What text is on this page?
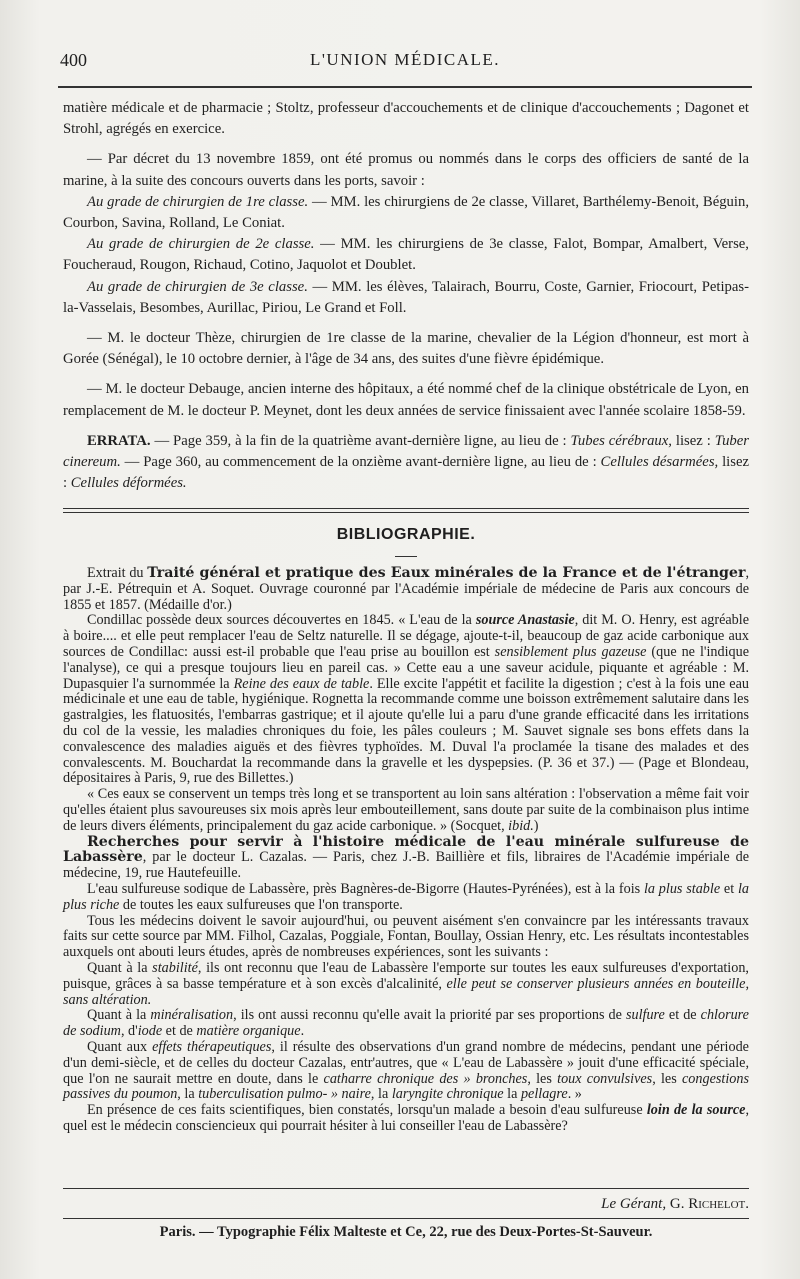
400	L'UNION MÉDICALE.

matière médicale et de pharmacie ; Stoltz, professeur d'accouchements et de clinique d'accouchements ; Dagonet et Strohl, agrégés en exercice.

— Par décret du 13 novembre 1859, ont été promus ou nommés dans le corps des officiers de santé de la marine, à la suite des concours ouverts dans les ports, savoir :

Au grade de chirurgien de 1re classe. — MM. les chirurgiens de 2e classe, Villaret, Barthélemy-Benoit, Béguin, Courbon, Savina, Rolland, Le Coniat.

Au grade de chirurgien de 2e classe. — MM. les chirurgiens de 3e classe, Falot, Bompar, Amalbert, Verse, Foucheraud, Rougon, Richaud, Cotino, Jaquolot et Doublet.

Au grade de chirurgien de 3e classe. — MM. les élèves, Talairach, Bourru, Coste, Garnier, Friocourt, Petipas-la-Vasselais, Besombes, Aurillac, Piriou, Le Grand et Foll.

— M. le docteur Thèze, chirurgien de 1re classe de la marine, chevalier de la Légion d'honneur, est mort à Gorée (Sénégal), le 10 octobre dernier, à l'âge de 34 ans, des suites d'une fièvre épidémique.

— M. le docteur Debauge, ancien interne des hôpitaux, a été nommé chef de la clinique obstétricale de Lyon, en remplacement de M. le docteur P. Meynet, dont les deux années de service finissaient avec l'année scolaire 1858-59.

ERRATA. — Page 359, à la fin de la quatrième avant-dernière ligne, au lieu de : Tubes cérébraux, lisez : Tuber cinereum. — Page 360, au commencement de la onzième avant-dernière ligne, au lieu de : Cellules désarmées, lisez : Cellules déformées.

BIBLIOGRAPHIE.

Extrait du Traité général et pratique des Eaux minérales de la France et de l'étranger, par J.-E. Pétrequin et A. Soquet. Ouvrage couronné par l'Académie impériale de médecine de Paris aux concours de 1855 et 1857. (Médaille d'or.)

Condillac possède deux sources découvertes en 1845. « L'eau de la source Anastasie, dit M. O. Henry, est agréable à boire.... et elle peut remplacer l'eau de Seltz naturelle. Il se dégage, ajoute-t-il, beaucoup de gaz acide carbonique aux sources de Condillac: aussi est-il probable que l'eau prise au bouillon est sensiblement plus gazeuse (que ne l'indique l'analyse), ce qui a presque toujours lieu en pareil cas. » Cette eau a une saveur acidule, piquante et agréable : M. Dupasquier l'a surnommée la Reine des eaux de table. Elle excite l'appétit et facilite la digestion ; c'est à la fois une eau médicinale et une eau de table, hygiénique. Rognetta la recommande comme une boisson extrêmement salutaire dans les gastralgies, les flatuosités, l'embarras gastrique; et il ajoute qu'elle lui a paru d'une grande efficacité dans les irritations du col de la vessie, les maladies chroniques du foie, les pâles couleurs ; M. Sauvet signale ses bons effets dans la convalescence des maladies aiguës et des fièvres typhoïdes. M. Duval l'a proclamée la tisane des malades et des convalescents. M. Bouchardat la recommande dans la gravelle et les dyspepsies. (P. 36 et 37.) — (Page et Blondeau, dépositaires à Paris, 9, rue des Billettes.)

« Ces eaux se conservent un temps très long et se transportent au loin sans altération : l'observation a même fait voir qu'elles étaient plus savoureuses six mois après leur embouteillement, sans doute par suite de la combinaison plus intime de leurs divers éléments, principalement du gaz acide carbonique. » (Socquet, ibid.)

Recherches pour servir à l'histoire médicale de l'eau minérale sulfureuse de Labassère, par le docteur L. Cazalas. — Paris, chez J.-B. Baillière et fils, libraires de l'Académie impériale de médecine, 19, rue Hautefeuille.

L'eau sulfureuse sodique de Labassère, près Bagnères-de-Bigorre (Hautes-Pyrénées), est à la fois la plus stable et la plus riche de toutes les eaux sulfureuses que l'on transporte.

Tous les médecins doivent le savoir aujourd'hui, ou peuvent aisément s'en convaincre par les intéressants travaux faits sur cette source par MM. Filhol, Cazalas, Poggiale, Fontan, Boullay, Ossian Henry, etc. Les résultats incontestables auxquels ont abouti leurs études, après de nombreuses expériences, sont les suivants :

Quant à la stabilité, ils ont reconnu que l'eau de Labassère l'emporte sur toutes les eaux sulfureuses d'exportation, puisque, grâces à sa basse température et à son excès d'alcalinité, elle peut se conserver plusieurs années en bouteille, sans altération.

Quant à la minéralisation, ils ont aussi reconnu qu'elle avait la priorité par ses proportions de sulfure et de chlorure de sodium, d'iode et de matière organique.

Quant aux effets thérapeutiques, il résulte des observations d'un grand nombre de médecins, pendant une période d'un demi-siècle, et de celles du docteur Cazalas, entr'autres, que « L'eau de Labassère » jouit d'une efficacité spéciale, que l'on ne saurait mettre en doute, dans le catharre chronique des » bronches, les toux convulsives, les congestions passives du poumon, la tuberculisation pulmo- » naire, la laryngite chronique la pellagre. »

En présence de ces faits scientifiques, bien constatés, lorsqu'un malade a besoin d'eau sulfureuse loin de la source, quel est le médecin consciencieux qui pourrait hésiter à lui conseiller l'eau de Labassère?

Le Gérant, G. Richelot.
Paris. — Typographie Félix Malteste et Ce, 22, rue des Deux-Portes-St-Sauveur.
